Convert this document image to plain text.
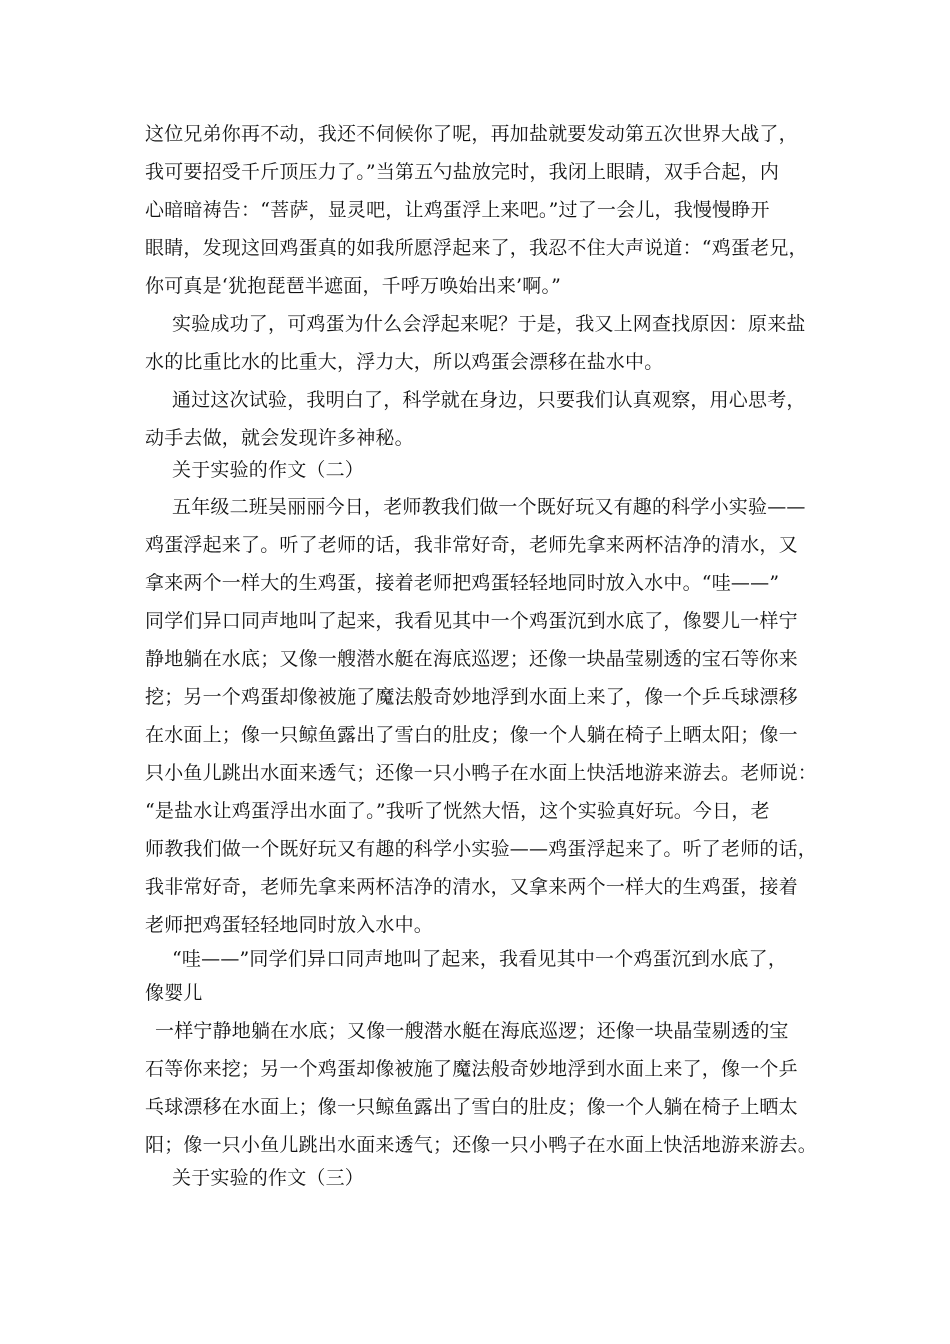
这位兄弟你再不动，我还不伺候你了呢，再加盐就要发动第五次世界大战了，
我可要招受千斤顶压力了。”当第五勺盐放完时，我闭上眼睛，双手合起，内
心暗暗祷告：“菩萨，显灵吧，让鸡蛋浮上来吧。”过了一会儿，我慢慢睁开
眼睛，发现这回鸡蛋真的如我所愿浮起来了，我忍不住大声说道：“鸡蛋老兄，
你可真是‘犹抱琵琶半遮面，千呼万唤始出来’啊。”
实验成功了，可鸡蛋为什么会浮起来呢？于是，我又上网查找原因：原来盐
水的比重比水的比重大，浮力大，所以鸡蛋会漂移在盐水中。
通过这次试验，我明白了，科学就在身边，只要我们认真观察，用心思考，
动手去做，就会发现许多神秘。
关于实验的作文（二）
五年级二班吴丽丽今日，老师教我们做一个既好玩又有趣的科学小实验——
鸡蛋浮起来了。听了老师的话，我非常好奇，老师先拿来两杯洁净的清水，又
拿来两个一样大的生鸡蛋，接着老师把鸡蛋轻轻地同时放入水中。“哇——”
同学们异口同声地叫了起来，我看见其中一个鸡蛋沉到水底了，像婴儿一样宁
静地躺在水底；又像一艘潜水艇在海底巡逻；还像一块晶莹剔透的宝石等你来
挖；另一个鸡蛋却像被施了魔法般奇妙地浮到水面上来了，像一个乒乓球漂移
在水面上；像一只鲸鱼露出了雪白的肚皮；像一个人躺在椅子上晒太阳；像一
只小鱼儿跳出水面来透气；还像一只小鸭子在水面上快活地游来游去。老师说：
“是盐水让鸡蛋浮出水面了。”我听了恍然大悟，这个实验真好玩。今日，老
师教我们做一个既好玩又有趣的科学小实验——鸡蛋浮起来了。听了老师的话，
我非常好奇，老师先拿来两杯洁净的清水，又拿来两个一样大的生鸡蛋，接着
老师把鸡蛋轻轻地同时放入水中。
“哇——”同学们异口同声地叫了起来，我看见其中一个鸡蛋沉到水底了，
像婴儿
一样宁静地躺在水底；又像一艘潜水艇在海底巡逻；还像一块晶莹剔透的宝
石等你来挖；另一个鸡蛋却像被施了魔法般奇妙地浮到水面上来了，像一个乒
乓球漂移在水面上；像一只鲸鱼露出了雪白的肚皮；像一个人躺在椅子上晒太
阳；像一只小鱼儿跳出水面来透气；还像一只小鸭子在水面上快活地游来游去。
关于实验的作文（三）
